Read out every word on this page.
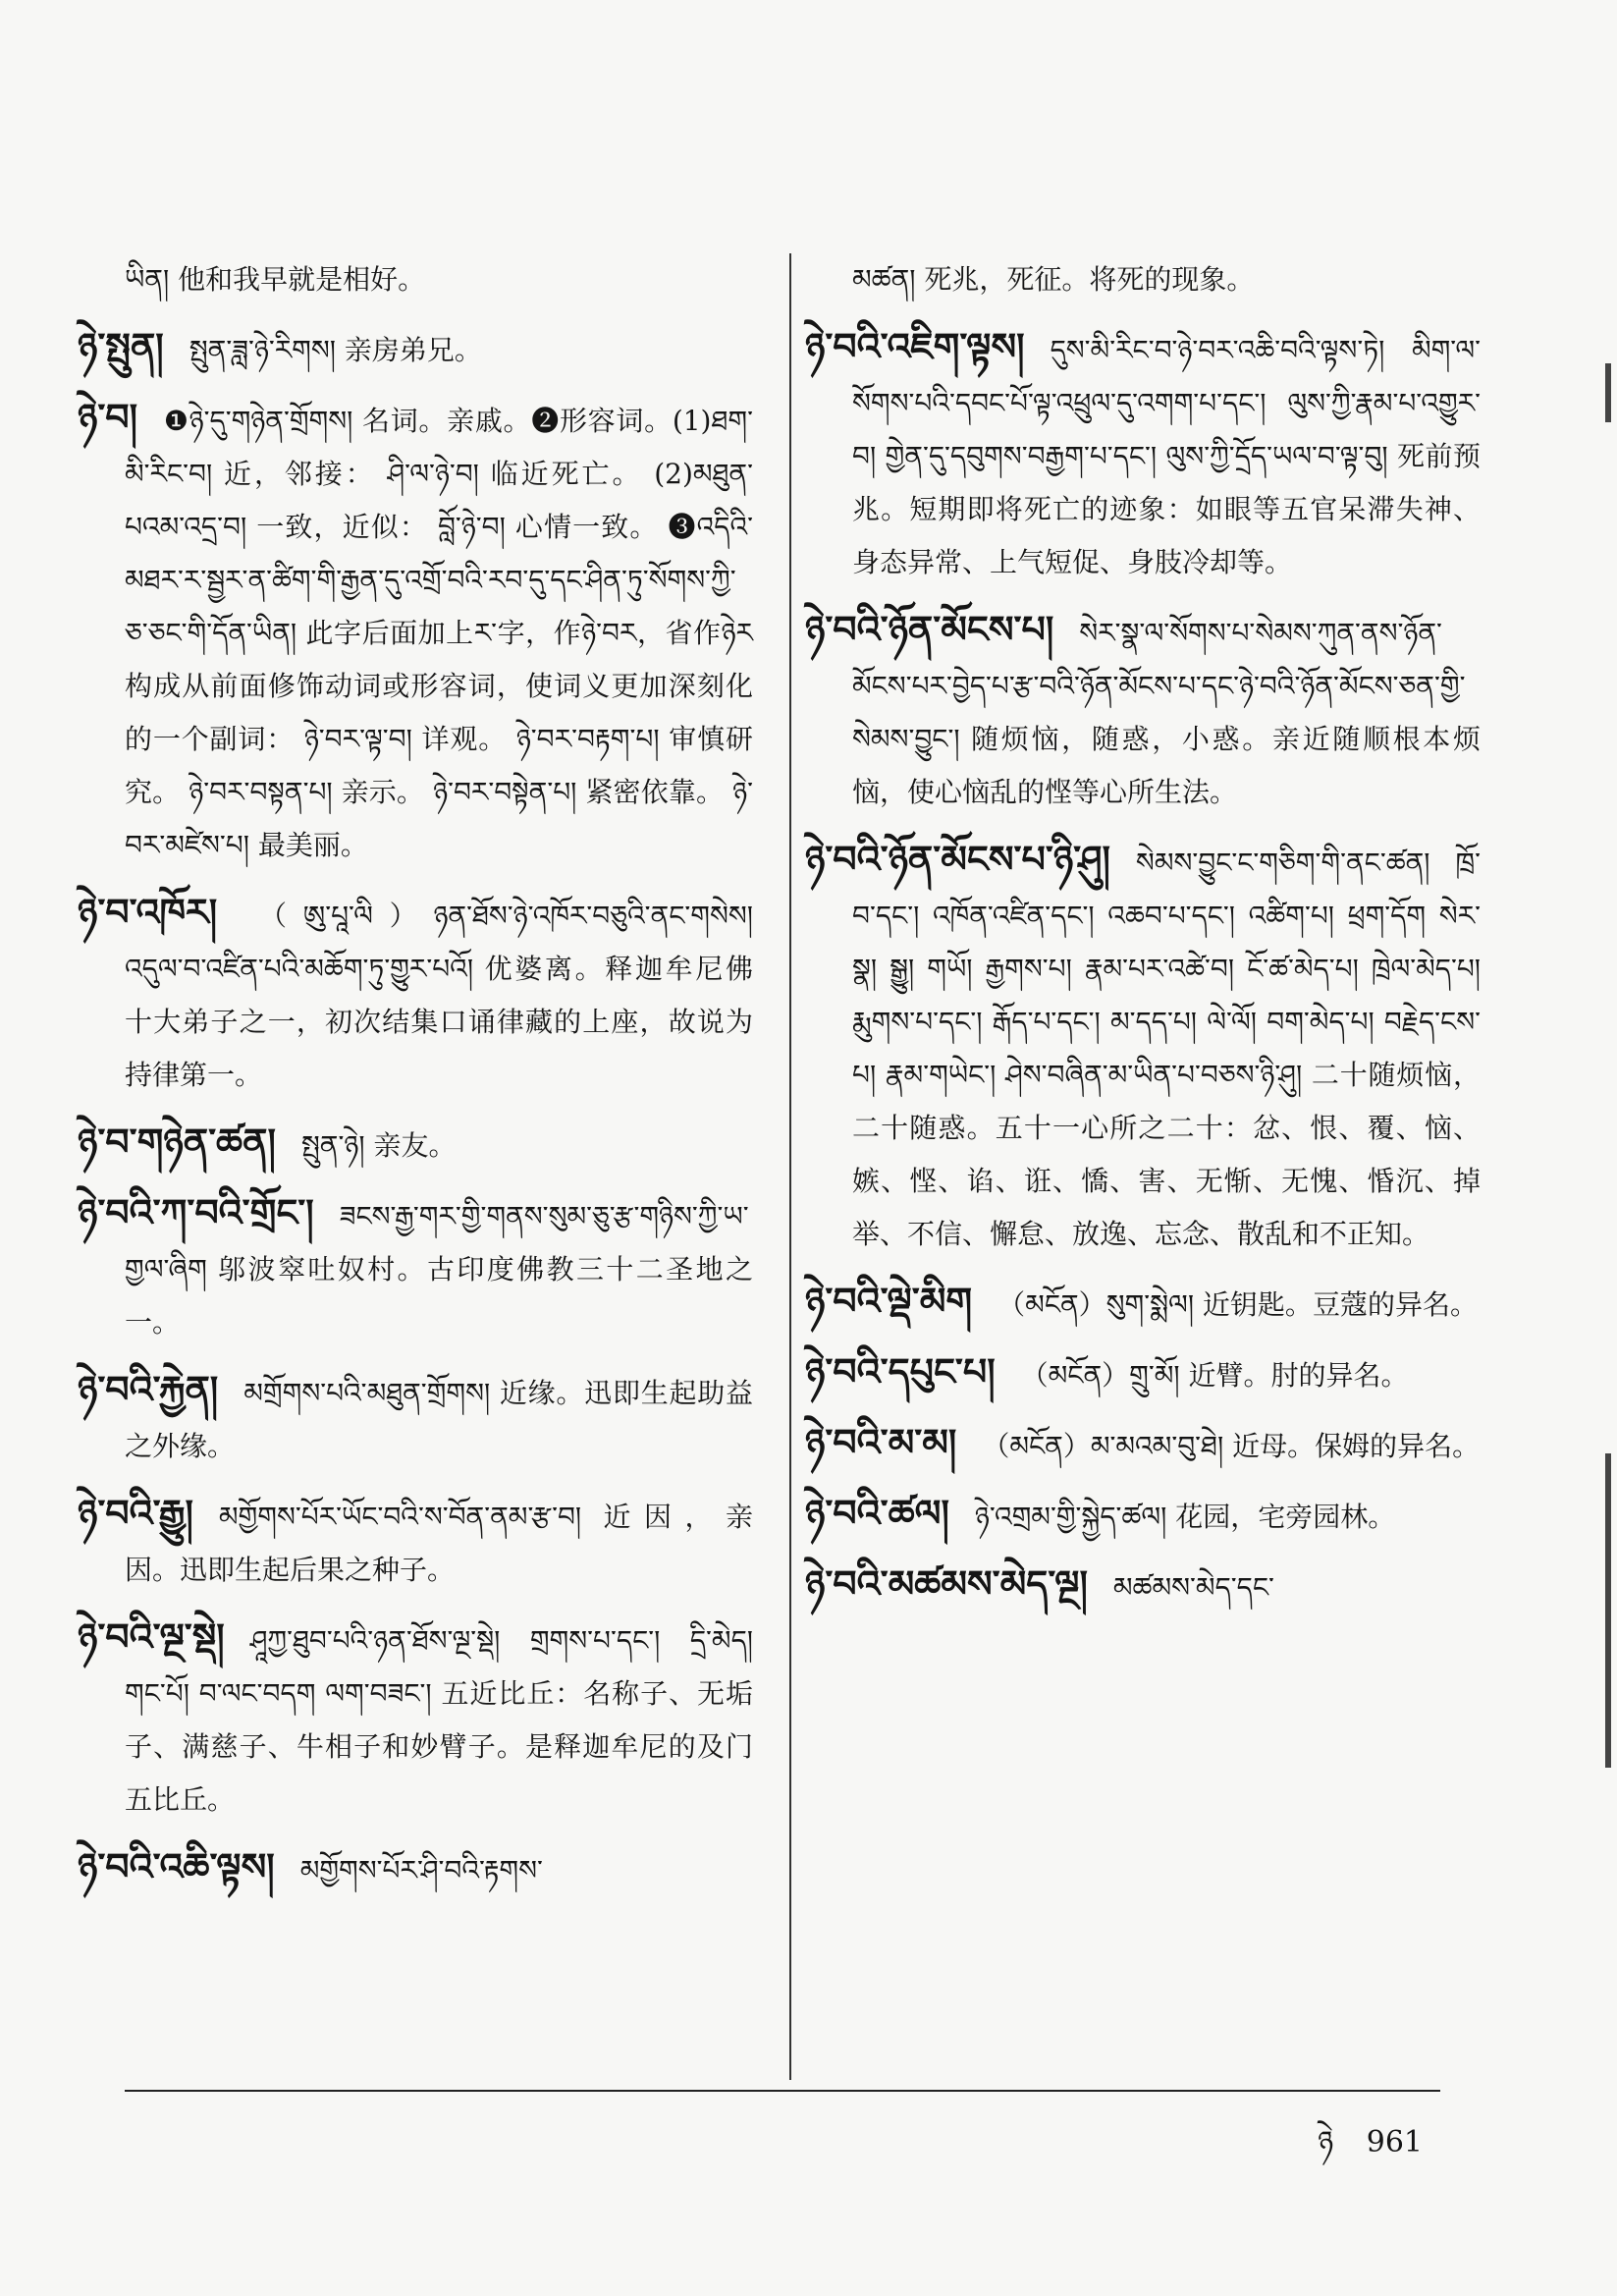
ཡིན། 他和我早就是相好。
ཉེ་སྤུན། སྤུན་ཟླ་ཉེ་རིགས། 亲房弟兄。
ཉེ་བ། ❶ཉེ་དུ་གཉེན་གྲོགས། 名词。亲戚。❷形容词。(1)ཐག་མི་རིང་བ། 近，邻接： ཤི་ལ་ཉེ་བ། 临近死亡。 (2)མཐུན་པའམ་འདྲ་བ། 一致，近似： བློ་ཉེ་བ། 心情一致。 ❸འདིའི་མཐར་ར་སྦྱར་ན་ཚིག་གི་རྒྱན་དུ་འགྲོ་བའི་རབ་དུ་དང་ཤིན་ཏུ་སོགས་ཀྱི་ཅ་ཅང་གི་དོན་ཡིན། 此字后面加上ར་字，作ཉེ་བར，省作ཉེར构成从前面修饰动词或形容词，使词义更加深刻化的一个副词： ཉེ་བར་ལྟ་བ། 详观。 ཉེ་བར་བརྟག་པ། 审慎研究。 ཉེ་བར་བསྟན་པ། 亲示。 ཉེ་བར་བསྟེན་པ། 紧密依靠。 ཉེ་བར་མཛེས་པ། 最美丽。
ཉེ་བ་འཁོར། （ཨུ་པཱ་ལི）ཉན་ཐོས་ཉེ་འཁོར་བཅུའི་ནང་གསེས། འདུལ་བ་འཛིན་པའི་མཆོག་ཏུ་གྱུར་པའོ། 优婆离。释迦牟尼佛十大弟子之一，初次结集口诵律藏的上座，故说为持律第一。
ཉེ་བ་གཉེན་ཚན། སྤུན་ཉེ། 亲友。
ཉེ་བའི་ཀ་བའི་གྲོང་། ཟངས་རྒྱ་གར་གྱི་གནས་སུམ་ཅུ་རྩ་གཉིས་ཀྱི་ཡ་གྱལ་ཞིག 邬波窣吐奴村。古印度佛教三十二圣地之一。
ཉེ་བའི་རྐྱེན། མགྲོགས་པའི་མཐུན་གྲོགས། 近缘。迅即生起助益之外缘。
ཉེ་བའི་རྒྱུ། མགྱོགས་པོར་ཡོང་བའི་ས་བོན་ནམ་རྩ་བ། 近因，亲因。迅即生起后果之种子。
ཉེ་བའི་ལྔ་སྡེ། ཤཱཀྱ་ཐུབ་པའི་ཉན་ཐོས་ལྔ་སྡེ། གྲགས་པ་དང་། དྲི་མེད། གང་པོ། བ་ལང་བདག ལག་བཟང་། 五近比丘：名称子、无垢子、满慈子、牛相子和妙臂子。是释迦牟尼的及门五比丘。
ཉེ་བའི་འཆི་ལྟས། མགྱོགས་པོར་ཤི་བའི་རྟགས་
མཚན། 死兆，死征。将死的现象。
ཉེ་བའི་འཇིག་ལྟས། དུས་མི་རིང་བ་ཉེ་བར་འཆི་བའི་ལྟས་ཏེ། མིག་ལ་སོགས་པའི་དབང་པོ་ལྟ་འཕྲུལ་དུ་འགག་པ་དང་། ལུས་ཀྱི་རྣམ་པ་འགྱུར་བ། གྱེན་དུ་དབུགས་བརྒྱག་པ་དང་། ལུས་ཀྱི་དྲོད་ཡལ་བ་ལྟ་བུ། 死前预兆。短期即将死亡的迹象：如眼等五官呆滞失神、身态异常、上气短促、身肢冷却等。
ཉེ་བའི་ཉོན་མོངས་པ། སེར་སྣ་ལ་སོགས་པ་སེམས་ཀུན་ནས་ཉོན་མོངས་པར་བྱེད་པ་རྩ་བའི་ཉོན་མོངས་པ་དང་ཉེ་བའི་ཉོན་མོངས་ཅན་གྱི་སེམས་བྱུང་། 随烦恼，随惑，小惑。亲近随顺根本烦恼，使心恼乱的悭等心所生法。
ཉེ་བའི་ཉོན་མོངས་པ་ཉི་ཤུ། སེམས་བྱུང་ང་གཅིག་གི་ནང་ཚན། ཁྲོ་བ་དང་། འཁོན་འཛིན་དང་། འཆབ་པ་དང་། འཚིག་པ། ཕྲག་དོག སེར་སྣ། སྒྱུ། གཡོ། རྒྱགས་པ། རྣམ་པར་འཚེ་བ། ངོ་ཚ་མེད་པ། ཁྲེལ་མེད་པ། རྨུགས་པ་དང་། རྒོད་པ་དང་། མ་དད་པ། ལེ་ལོ། བག་མེད་པ། བརྗེད་ངས་པ། རྣམ་གཡེང་། ཤེས་བཞིན་མ་ཡིན་པ་བཅས་ཉི་ཤུ། 二十随烦恼，二十随惑。五十一心所之二十：忿、恨、覆、恼、嫉、悭、谄、诳、憍、害、无惭、无愧、惛沉、掉举、不信、懈怠、放逸、忘念、散乱和不正知。
ཉེ་བའི་ལྡེ་མིག （མངོན）སུག་སྨེལ། 近钥匙。豆蔻的异名。
ཉེ་བའི་དཔུང་པ། （མངོན）གྲུ་མོ། 近臂。肘的异名。
ཉེ་བའི་མ་མ། （མངོན）མ་མའམ་བུ་ཐེ། 近母。保姆的异名。
ཉེ་བའི་ཚལ། ཉེ་འགྲམ་གྱི་སྐྱེད་ཚལ། 花园，宅旁园林。
ཉེ་བའི་མཚམས་མེད་ལྔ། མཚམས་མེད་དང་
ཉེ 961
